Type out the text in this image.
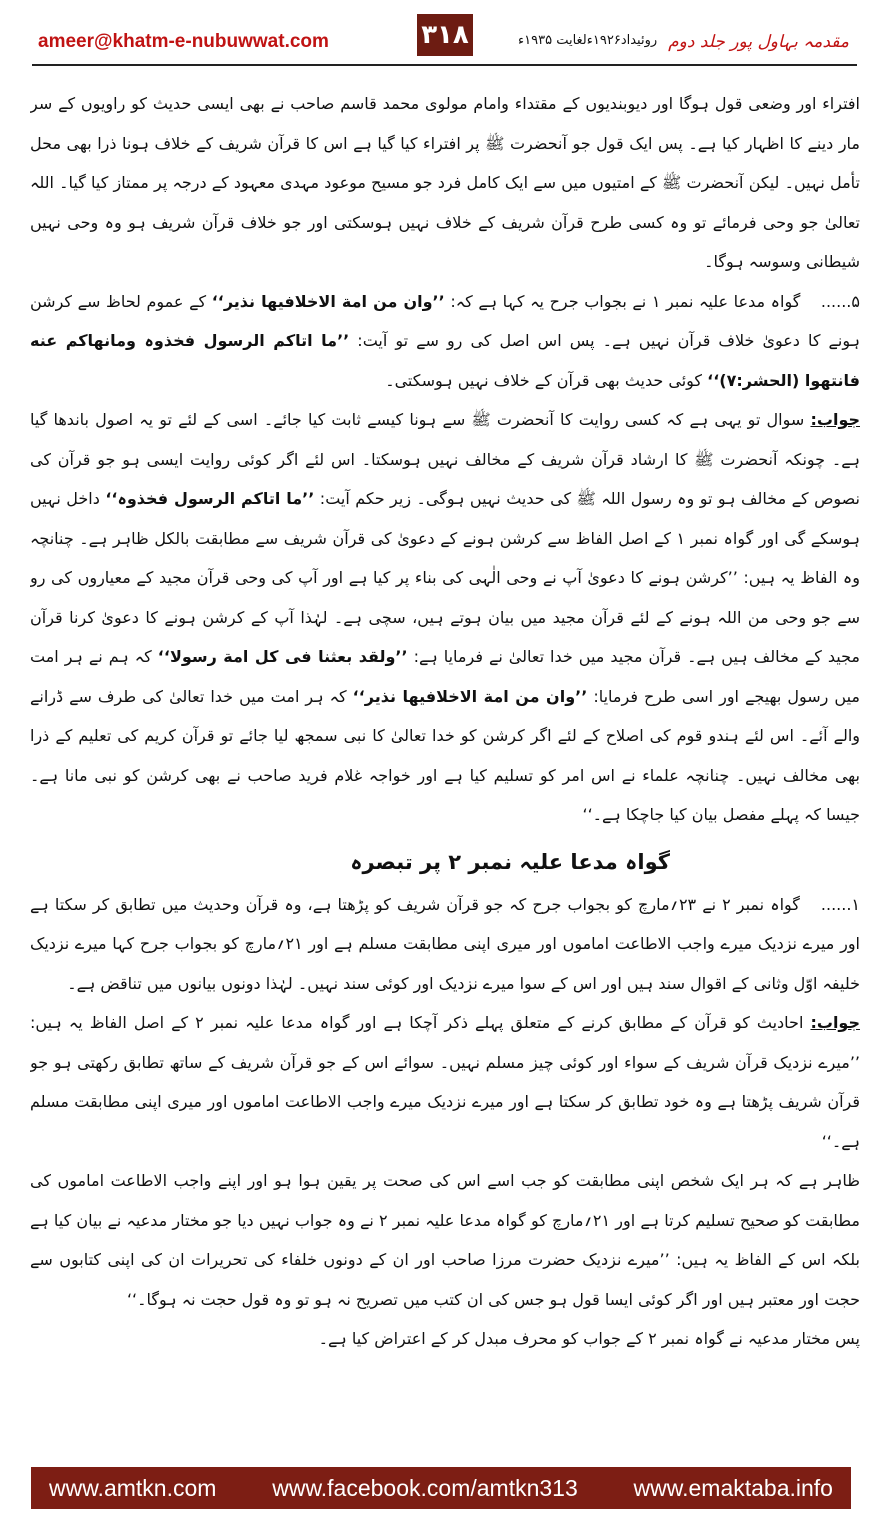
ameer@khatm-e-nubuwwat.com	۳۱۸	روئیداد۱۹۲۶ءلغایت ۱۹۳۵ء مقدمہ بہاول پور جلد دوم

افتراء اور وضعی قول ہوگا اور دیوبندیوں کے مقتداء وامام مولوی محمد قاسم صاحب نے بھی ایسی حدیث کو راویوں کے سر مار دینے کا اظہار کیا ہے۔ پس ایک قول جو آنحضرت ﷺ پر افتراء کیا گیا ہے اس کا قرآن شریف کے خلاف ہونا ذرا بھی محل تأمل نہیں۔ لیکن آنحضرت ﷺ کے امتیوں میں سے ایک کامل فرد جو مسیح موعود مہدی معہود کے درجہ پر ممتاز کیا گیا۔ اللہ تعالیٰ جو وحی فرمائے تو وہ کسی طرح قرآن شریف کے خلاف نہیں ہوسکتی اور جو خلاف قرآن شریف ہو وہ وحی نہیں شیطانی وسوسہ ہوگا۔

۵...... گواہ مدعا علیہ نمبر ۱ نے بجواب جرح یہ کہا ہے کہ: ’’وان من امة الاخلافیھا نذیر‘‘ کے عموم لحاظ سے کرشن ہونے کا دعویٰ خلاف قرآن نہیں ہے۔ پس اس اصل کی رو سے تو آیت: ’’ما اتاکم الرسول فخذوہ ومانھاکم عنه فانتھوا (الحشر:۷)‘‘ کوئی حدیث بھی قرآن کے خلاف نہیں ہوسکتی۔

جواب: سوال تو یہی ہے کہ کسی روایت کا آنحضرت ﷺ سے ہونا کیسے ثابت کیا جائے۔ اسی کے لئے تو یہ اصول باندھا گیا ہے۔ چونکہ آنحضرت ﷺ کا ارشاد قرآن شریف کے مخالف نہیں ہوسکتا۔ اس لئے اگر کوئی روایت ایسی ہو جو قرآن کی نصوص کے مخالف ہو تو وہ رسول اللہ ﷺ کی حدیث نہیں ہوگی۔ زیر حکم آیت: ’’ما اتاکم الرسول فخذوہ‘‘ داخل نہیں ہوسکے گی اور گواہ نمبر ۱ کے اصل الفاظ سے کرشن ہونے کے دعویٰ کی قرآن شریف سے مطابقت بالکل ظاہر ہے۔ چنانچہ وہ الفاظ یہ ہیں: ’’کرشن ہونے کا دعویٰ آپ نے وحی الٰہی کی بناء پر کیا ہے اور آپ کی وحی قرآن مجید کے معیاروں کی رو سے جو وحی من اللہ ہونے کے لئے قرآن مجید میں بیان ہوتے ہیں، سچی ہے۔ لہٰذا آپ کے کرشن ہونے کا دعویٰ کرنا قرآن مجید کے مخالف ہیں ہے۔ قرآن مجید میں خدا تعالیٰ نے فرمایا ہے: ’’ولقد بعثنا فی کل امة رسولا‘‘ کہ ہم نے ہر امت میں رسول بھیجے اور اسی طرح فرمایا: ’’وان من امة الاخلافیھا نذیر‘‘ کہ ہر امت میں خدا تعالیٰ کی طرف سے ڈرانے والے آئے۔ اس لئے ہندو قوم کی اصلاح کے لئے اگر کرشن کو خدا تعالیٰ کا نبی سمجھ لیا جائے تو قرآن کریم کی تعلیم کے ذرا بھی مخالف نہیں۔ چنانچہ علماء نے اس امر کو تسلیم کیا ہے اور خواجہ غلام فرید صاحب نے بھی کرشن کو نبی مانا ہے۔ جیسا کہ پہلے مفصل بیان کیا جاچکا ہے۔‘‘

گواہ مدعا علیہ نمبر ۲ پر تبصرہ

۱...... گواہ نمبر ۲ نے ۲۳؍مارچ کو بجواب جرح کہ جو قرآن شریف کو پڑھتا ہے، وہ قرآن وحدیث میں تطابق کر سکتا ہے اور میرے نزدیک میرے واجب الاطاعت اماموں اور میری اپنی مطابقت مسلم ہے اور ۲۱؍مارچ کو بجواب جرح کہا میرے نزدیک خلیفہ اوّل وثانی کے اقوال سند ہیں اور اس کے سوا میرے نزدیک اور کوئی سند نہیں۔ لہٰذا دونوں بیانوں میں تناقض ہے۔

جواب: احادیث کو قرآن کے مطابق کرنے کے متعلق پہلے ذکر آچکا ہے اور گواہ مدعا علیہ نمبر ۲ کے اصل الفاظ یہ ہیں: ’’میرے نزدیک قرآن شریف کے سواء اور کوئی چیز مسلم نہیں۔ سوائے اس کے جو قرآن شریف کے ساتھ تطابق رکھتی ہو جو قرآن شریف پڑھتا ہے وہ خود تطابق کر سکتا ہے اور میرے نزدیک میرے واجب الاطاعت اماموں اور میری اپنی مطابقت مسلم ہے۔‘‘

ظاہر ہے کہ ہر ایک شخص اپنی مطابقت کو جب اسے اس کی صحت پر یقین ہوا ہو اور اپنے واجب الاطاعت اماموں کی مطابقت کو صحیح تسلیم کرتا ہے اور ۲۱؍مارچ کو گواہ مدعا علیہ نمبر ۲ نے وہ جواب نہیں دیا جو مختار مدعیہ نے بیان کیا ہے بلکہ اس کے الفاظ یہ ہیں: ’’میرے نزدیک حضرت مرزا صاحب اور ان کے دونوں خلفاء کی تحریرات ان کی اپنی کتابوں سے حجت اور معتبر ہیں اور اگر کوئی ایسا قول ہو جس کی ان کتب میں تصریح نہ ہو تو وہ قول حجت نہ ہوگا۔‘‘

پس مختار مدعیہ نے گواہ نمبر ۲ کے جواب کو محرف مبدل کر کے اعتراض کیا ہے۔

www.amtkn.com www.facebook.com/amtkn313 www.emaktaba.info
